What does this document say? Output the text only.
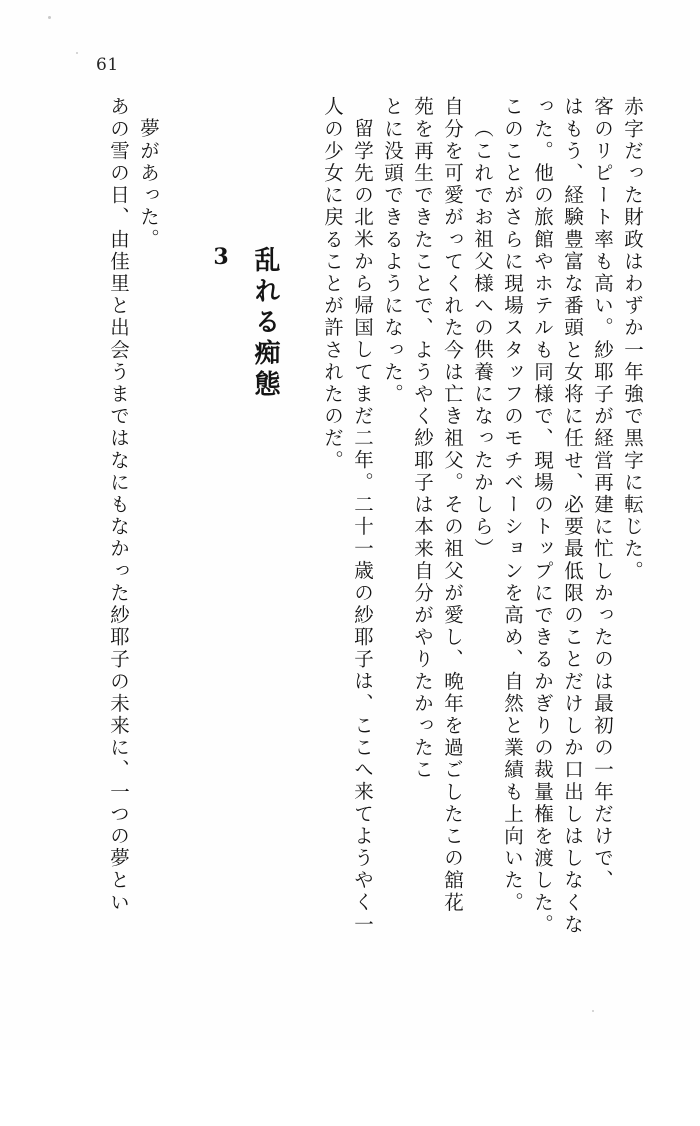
61
赤字だった財政はわずか一年強で黒字に転じた。
客のリピート率も高い。紗耶子が経営再建に忙しかったのは最初の一年だけで、
はもう、経験豊富な番頭と女将に任せ、必要最低限のことだけしか口出しはしなくな
った。他の旅館やホテルも同様で、現場のトップにできるかぎりの裁量権を渡した。
このことがさらに現場スタッフのモチベーションを高め、自然と業績も上向いた。
（これでお祖父様への供養になったかしら）
自分を可愛がってくれた今は亡き祖父。その祖父が愛し、晩年を過ごしたこの舘花
苑を再生できたことで、ようやく紗耶子は本来自分がやりたかったこ
とに没頭できるようになった。
留学先の北米から帰国してまだ二年。二十一歳の紗耶子は、ここへ来てようやく一
人の少女に戻ることが許されたのだ。
乱れる痴態
3
夢があった。
あの雪の日、由佳里と出会うまではなにもなかった紗耶子の未来に、一つの夢とい
